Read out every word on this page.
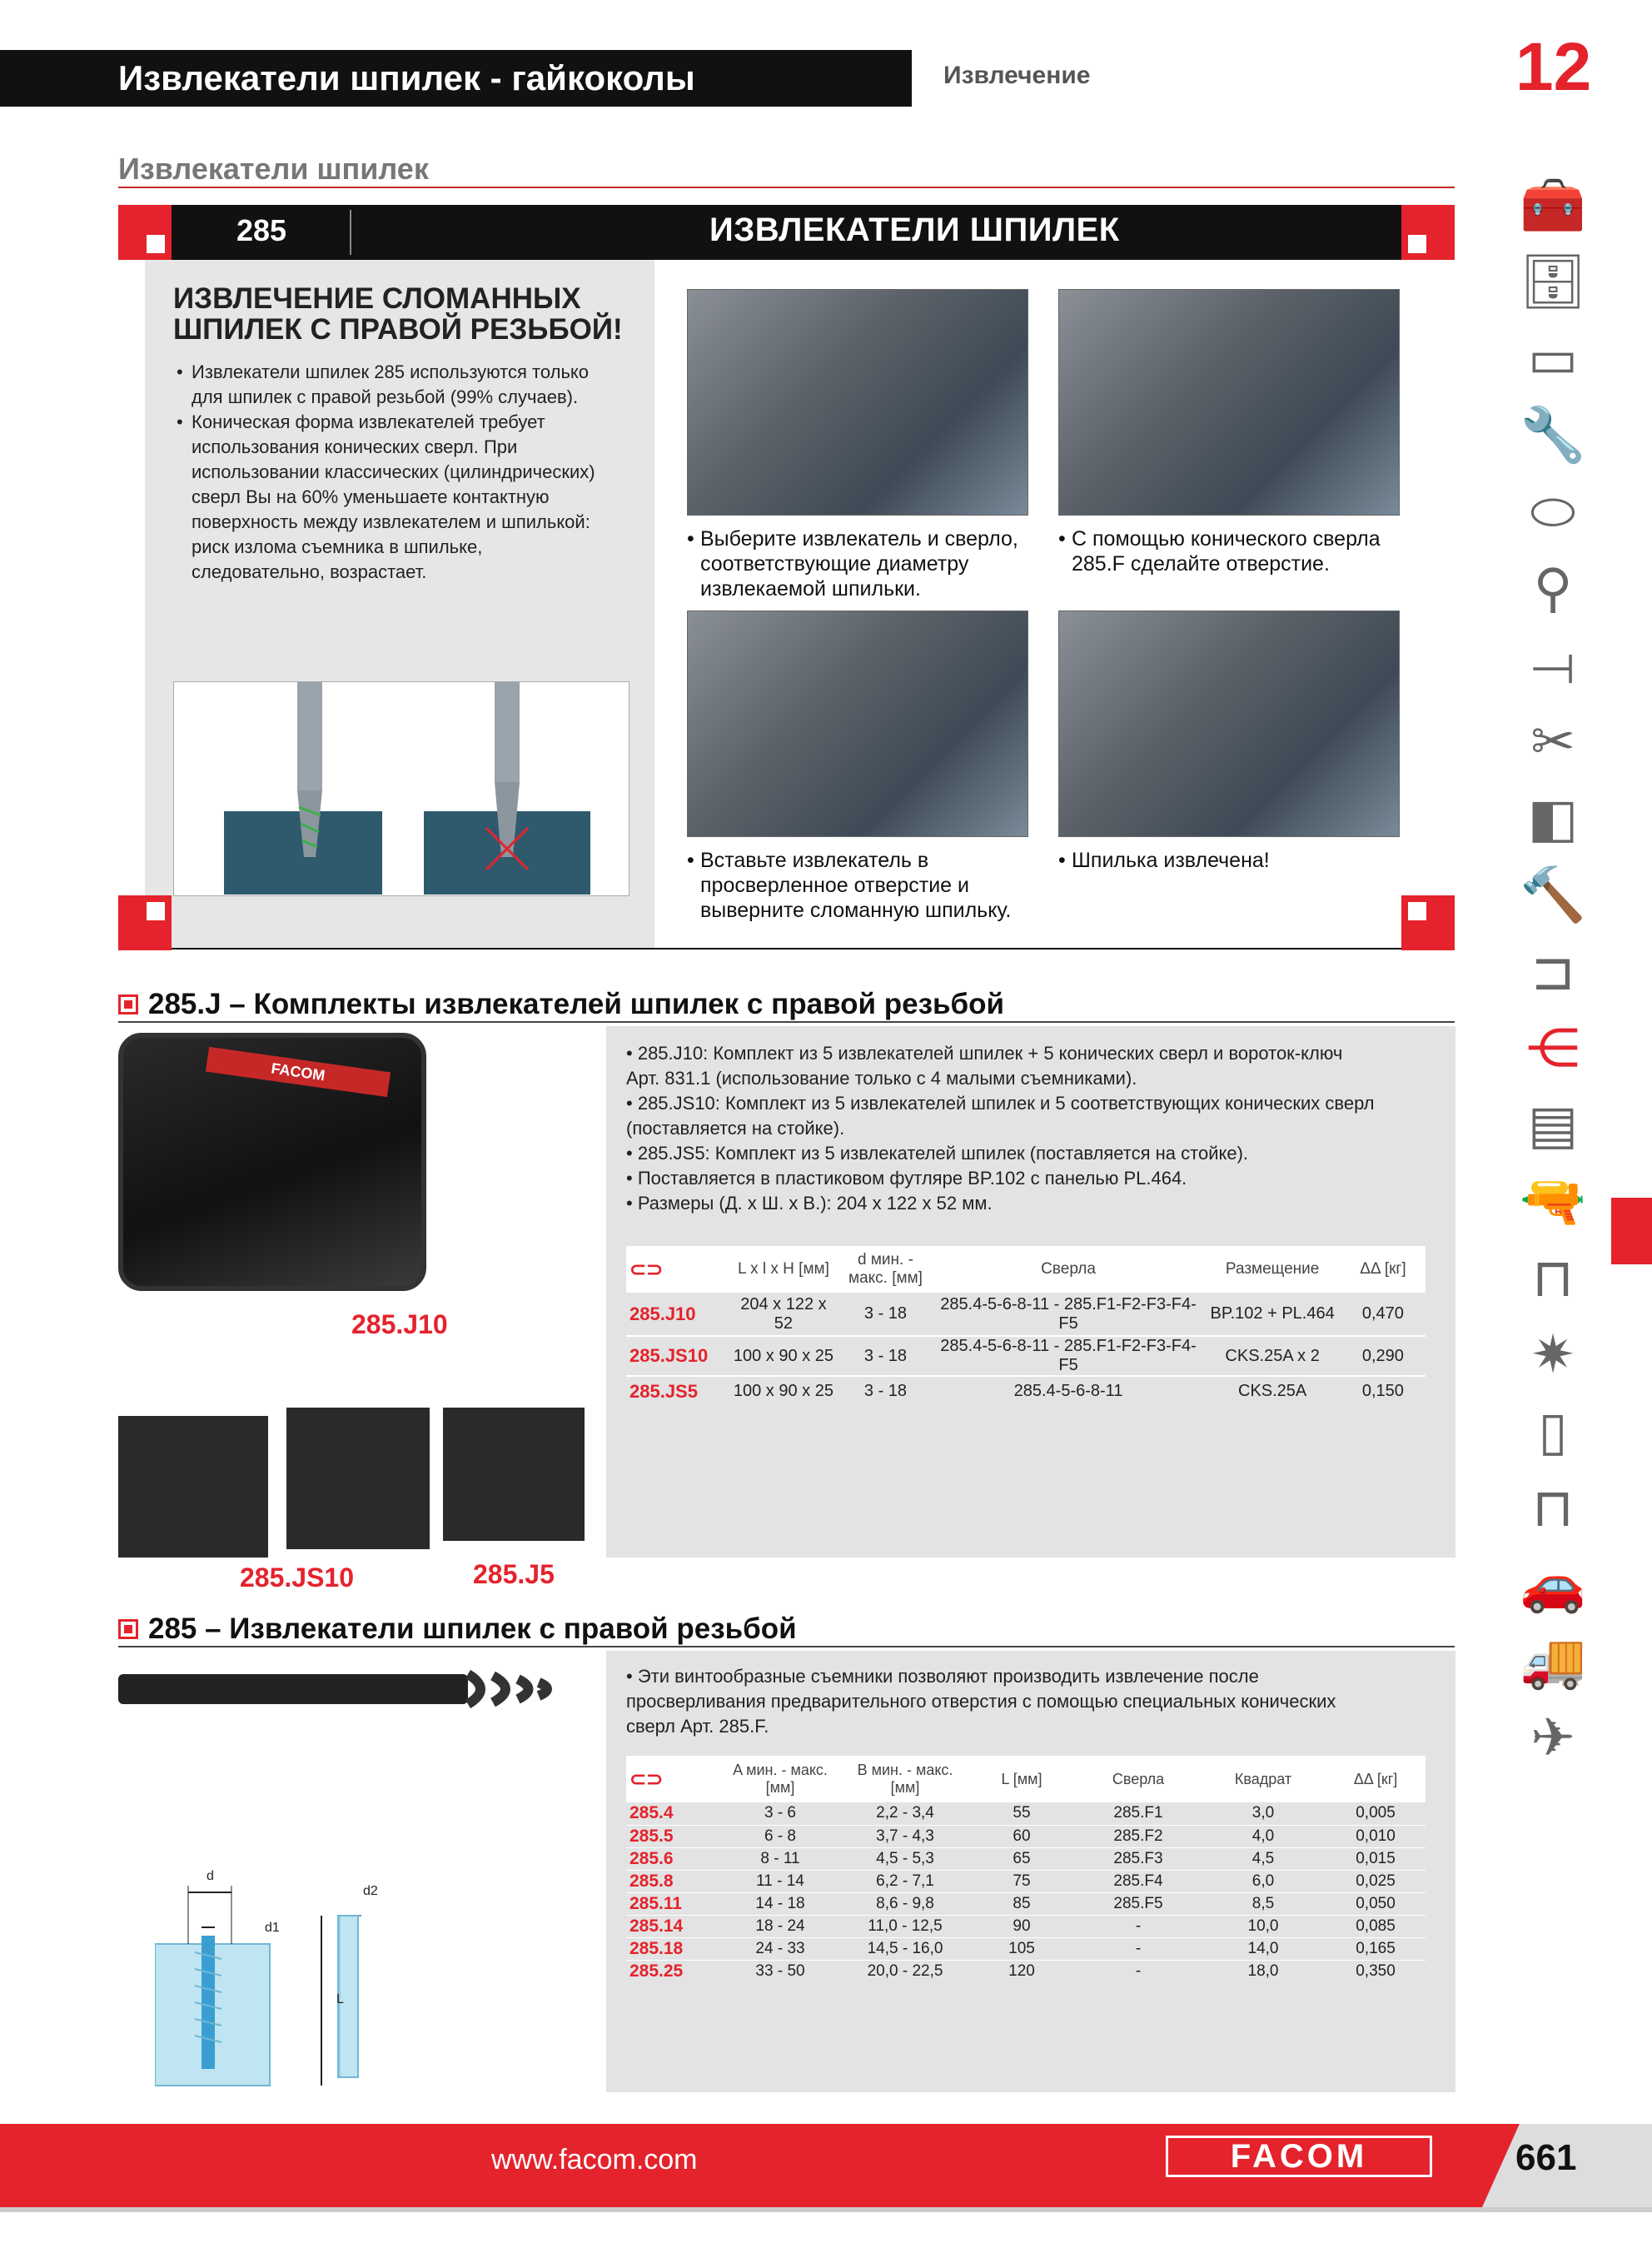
Извлекатели шпилек - гайкоколы	Извлечение	12
Извлекатели шпилек
285	ИЗВЛЕКАТЕЛИ ШПИЛЕК
ИЗВЛЕЧЕНИЕ СЛОМАННЫХ
ШПИЛЕК С ПРАВОЙ РЕЗЬБОЙ!
• Извлекатели шпилек 285 используются только для шпилек с правой резьбой (99% случаев).
• Коническая форма извлекателей требует использования конических сверл. При использовании классических (цилиндрических) сверл Вы на 60% уменьшаете контактную поверхность между извлекателем и шпилькой: риск излома съемника в шпильке, следовательно, возрастает.
• Выберите извлекатель и сверло, соответствующие диаметру извлекаемой шпильки.
• С помощью конического сверла 285.F сделайте отверстие.
• Вставьте извлекатель в просверленное отверстие и выверните сломанную шпильку.
• Шпилька извлечена!
285.J – Комплекты извлекателей шпилек с правой резьбой
FACOM
285.J10
285.JS10	285.J5
• 285.J10: Комплект из 5 извлекателей шпилек + 5 конических сверл и вороток-ключ Арт. 831.1 (использование только с 4 малыми съемниками).
• 285.JS10: Комплект из 5 извлекателей шпилек и 5 соответствующих конических сверл (поставляется на стойке).
• 285.JS5: Комплект из 5 извлекателей шпилек (поставляется на стойке).
• Поставляется в пластиковом футляре BP.102 с панелью PL.464.
• Размеры (Д. х Ш. х В.): 204 x 122 x 52 мм.
⊂⊃	L x l x H [мм]	d мин. - макс. [мм]	Сверла	Размещение	ΔΔ [кг]
285.J10	204 x 122 x 52	3 - 18	285.4-5-6-8-11 - 285.F1-F2-F3-F4-F5	BP.102 + PL.464	0,470
285.JS10	100 x 90 x 25	3 - 18	285.4-5-6-8-11 - 285.F1-F2-F3-F4-F5	CKS.25A x 2	0,290
285.JS5	100 x 90 x 25	3 - 18	285.4-5-6-8-11	CKS.25A	0,150
285 – Извлекатели шпилек с правой резьбой
d
d1
d2
L
• Эти винтообразные съемники позволяют производить извлечение после просверливания предварительного отверстия с помощью специальных конических сверл Арт. 285.F.
⊂⊃	A мин. - макс. [мм]	B мин. - макс. [мм]	L [мм]	Сверла	Квадрат	ΔΔ [кг]
285.4	3 - 6	2,2 - 3,4	55	285.F1	3,0	0,005
285.5	6 - 8	3,7 - 4,3	60	285.F2	4,0	0,010
285.6	8 - 11	4,5 - 5,3	65	285.F3	4,5	0,015
285.8	11 - 14	6,2 - 7,1	75	285.F4	6,0	0,025
285.11	14 - 18	8,6 - 9,8	85	285.F5	8,5	0,050
285.14	18 - 24	11,0 - 12,5	90	-	10,0	0,085
285.18	24 - 33	14,5 - 16,0	105	-	14,0	0,165
285.25	33 - 50	20,0 - 22,5	120	-	18,0	0,350
🧰
🗄
▭
🔧
⬭
⚲
⟞
✂
◧
🔨
⊐
⋲
▤
🔫
⊓
✷
▯
⊓
🚗
🚚
✈
www.facom.com	FACOM	661
